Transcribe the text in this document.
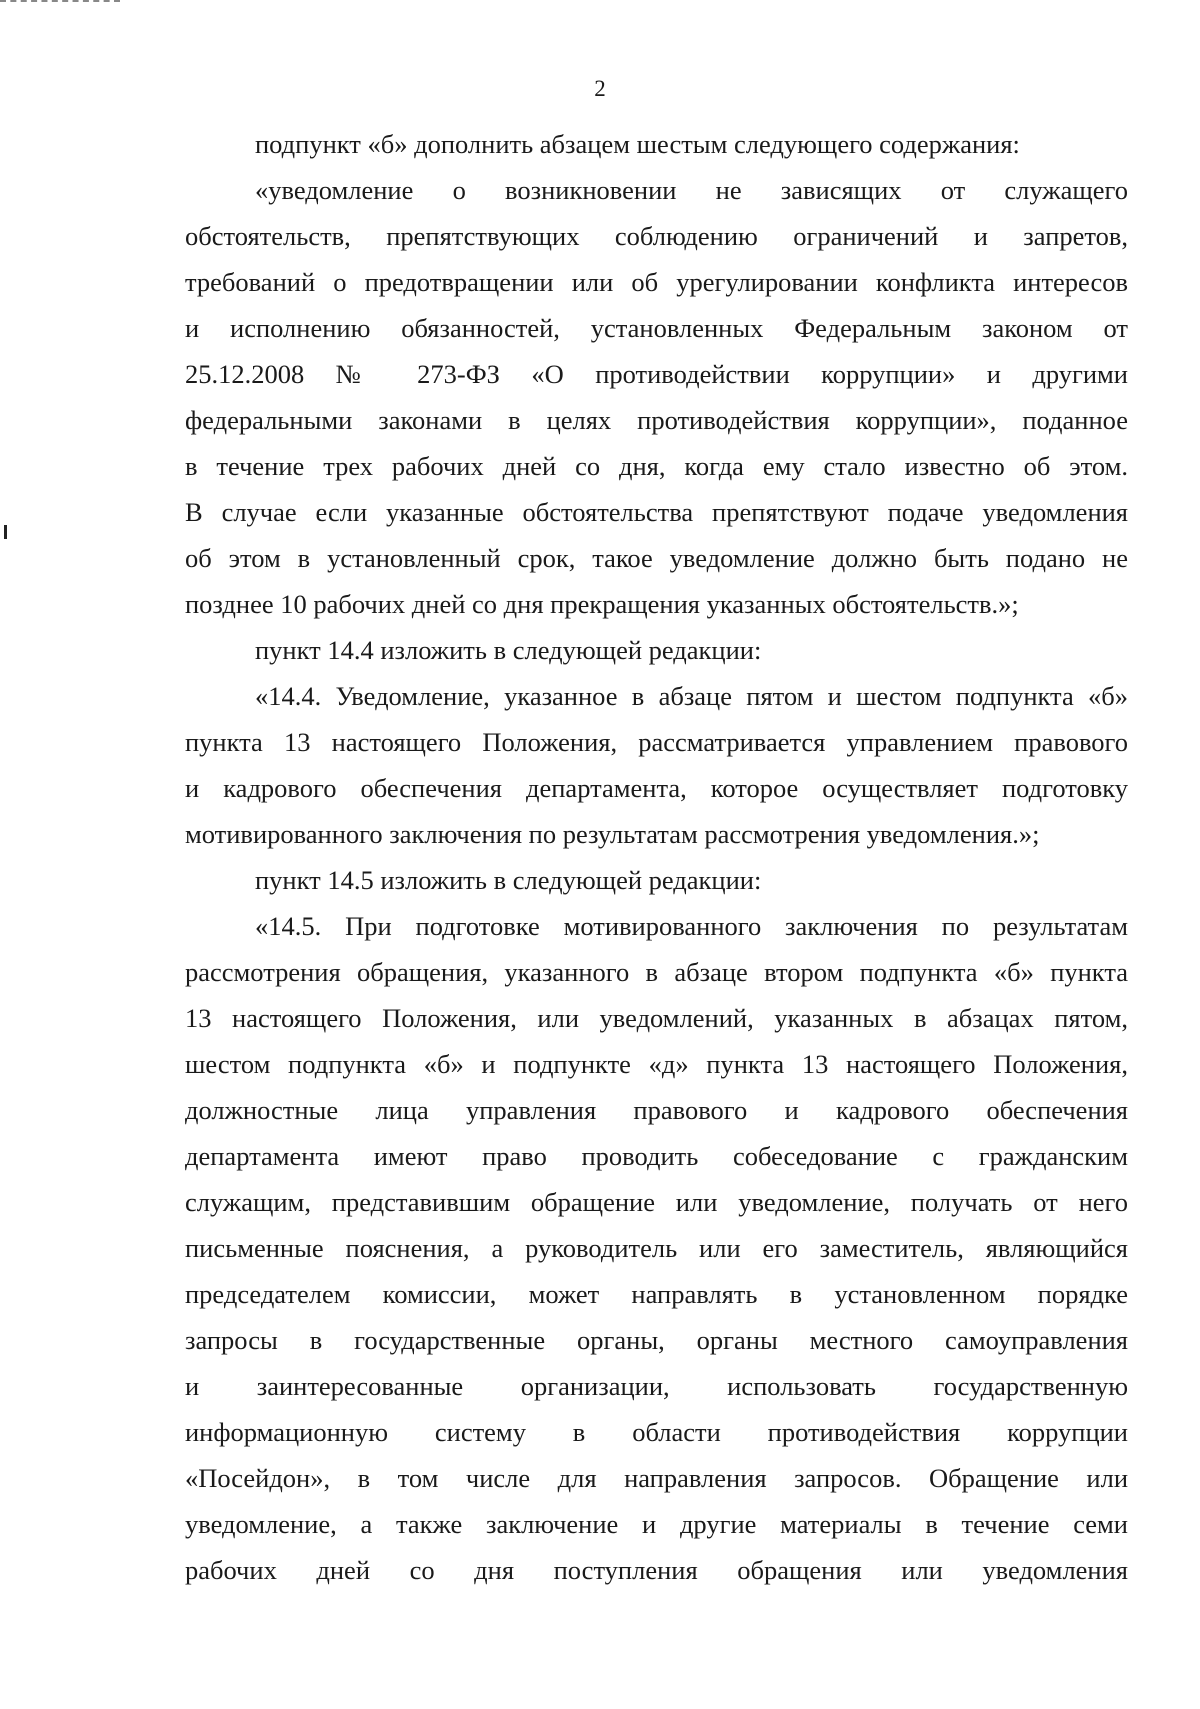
2
подпункт «б» дополнить абзацем шестым следующего содержания:
«уведомление о возникновении не зависящих от служащего
обстоятельств, препятствующих соблюдению ограничений и запретов,
требований о предотвращении или об урегулировании конфликта интересов
и исполнению обязанностей, установленных Федеральным законом от
25.12.2008 № 273-ФЗ «О противодействии коррупции» и другими
федеральными законами в целях противодействия коррупции», поданное
в течение трех рабочих дней со дня, когда ему стало известно об этом.
В случае если указанные обстоятельства препятствуют подаче уведомления
об этом в установленный срок, такое уведомление должно быть подано не
позднее 10 рабочих дней со дня прекращения указанных обстоятельств.»;
пункт 14.4 изложить в следующей редакции:
«14.4. Уведомление, указанное в абзаце пятом и шестом подпункта «б»
пункта 13 настоящего Положения, рассматривается управлением правового
и кадрового обеспечения департамента, которое осуществляет подготовку
мотивированного заключения по результатам рассмотрения уведомления.»;
пункт 14.5 изложить в следующей редакции:
«14.5. При подготовке мотивированного заключения по результатам
рассмотрения обращения, указанного в абзаце втором подпункта «б» пункта
13 настоящего Положения, или уведомлений, указанных в абзацах пятом,
шестом подпункта «б» и подпункте «д» пункта 13 настоящего Положения,
должностные лица управления правового и кадрового обеспечения
департамента имеют право проводить собеседование с гражданским
служащим, представившим обращение или уведомление, получать от него
письменные пояснения, а руководитель или его заместитель, являющийся
председателем комиссии, может направлять в установленном порядке
запросы в государственные органы, органы местного самоуправления
и заинтересованные организации, использовать государственную
информационную систему в области противодействия коррупции
«Посейдон», в том числе для направления запросов. Обращение или
уведомление, а также заключение и другие материалы в течение семи
рабочих дней со дня поступления обращения или уведомления
